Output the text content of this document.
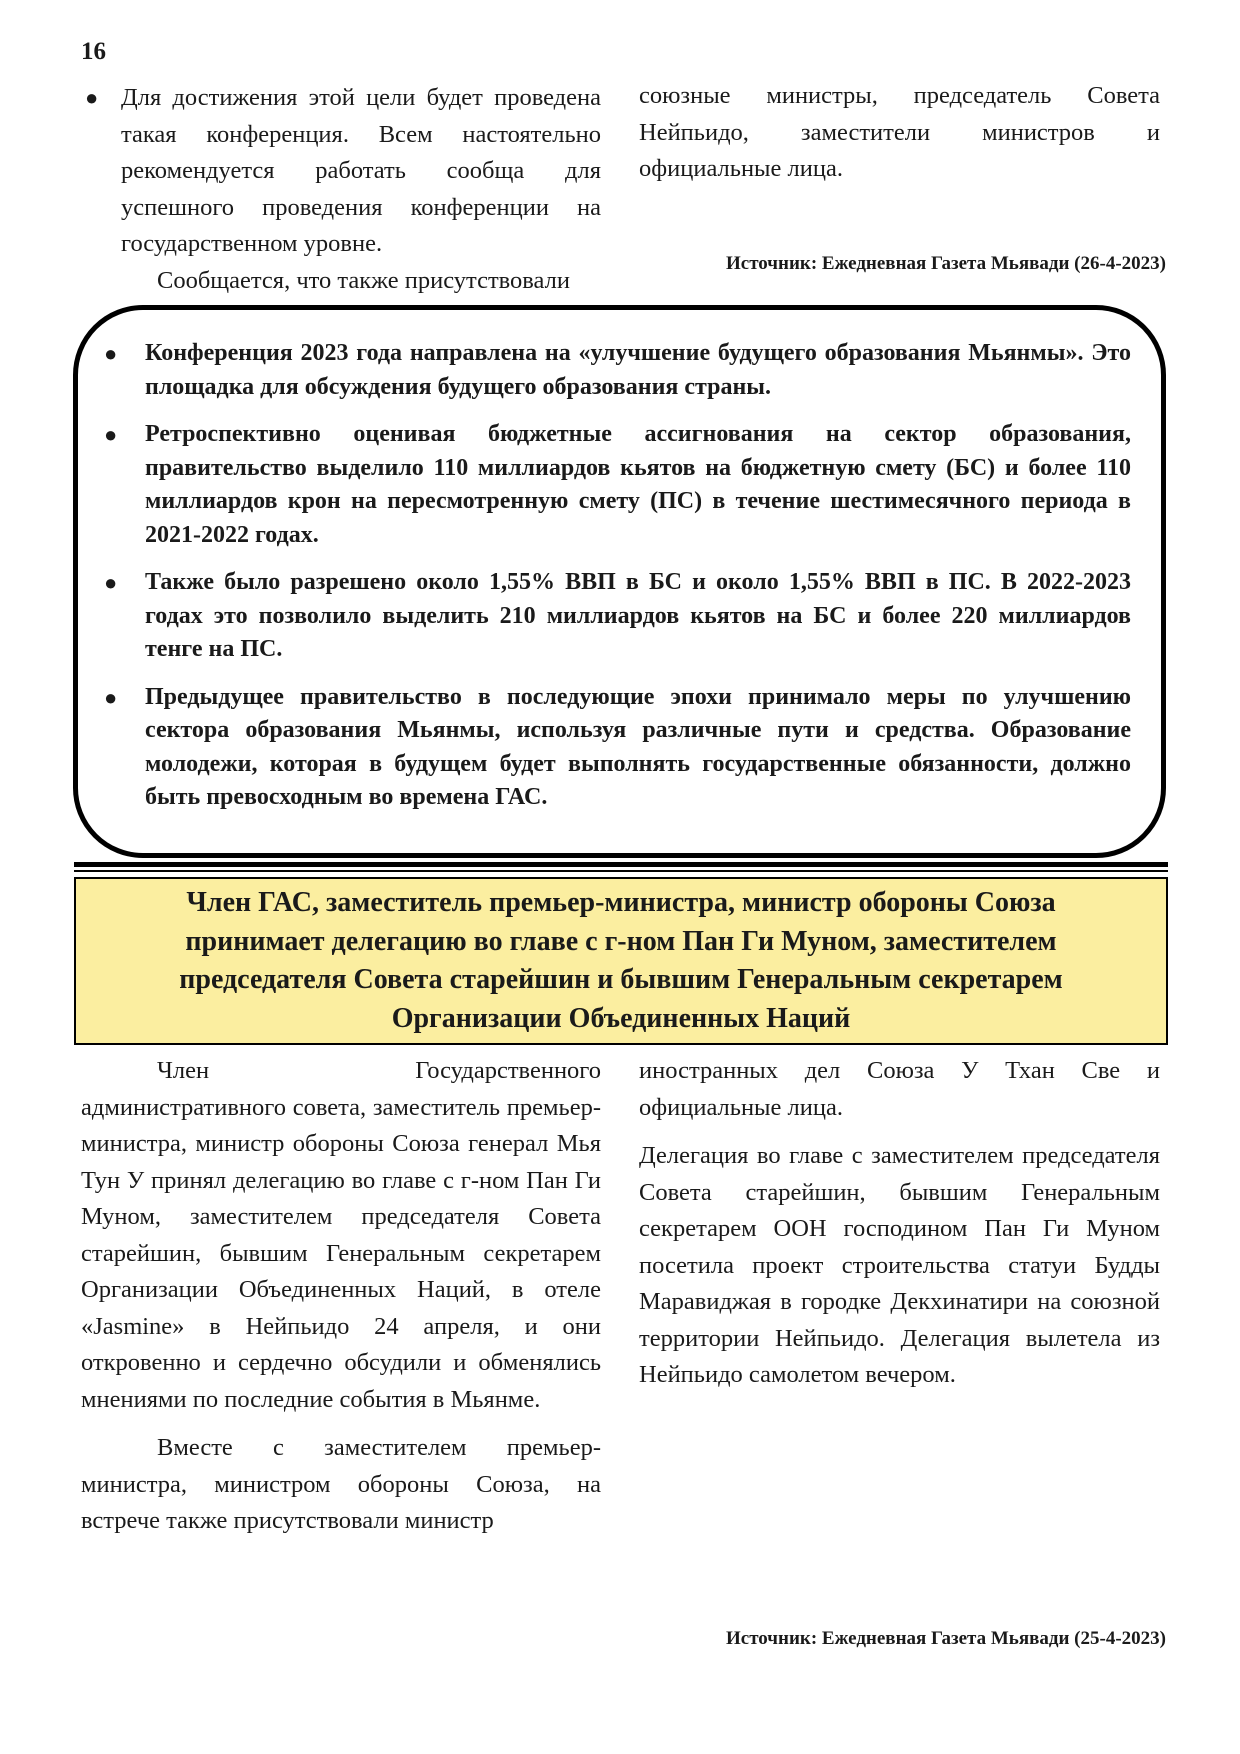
16
● Для достижения этой цели будет проведена такая конференция. Всем настоятельно рекомендуется работать сообща для успешного проведения конференции на государственном уровне.

Сообщается, что также присутствовали

союзные министры, председатель Совета Нейпьидо, заместители министров и официальные лица.

Источник: Ежедневная Газета Мьявади (26-4-2023)
● Конференция 2023 года направлена на «улучшение будущего образования Мьянмы». Это площадка для обсуждения будущего образования страны.
● Ретроспективно оценивая бюджетные ассигнования на сектор образования, правительство выделило 110 миллиардов кьятов на бюджетную смету (БС) и более 110 миллиардов крон на пересмотренную смету (ПС) в течение шестимесячного периода в 2021-2022 годах.
● Также было разрешено около 1,55% ВВП в БС и около 1,55% ВВП в ПС. В 2022-2023 годах это позволило выделить 210 миллиардов кьятов на БС и более 220 миллиардов тенге на ПС.
● Предыдущее правительство в последующие эпохи принимало меры по улучшению сектора образования Мьянмы, используя различные пути и средства. Образование молодежи, которая в будущем будет выполнять государственные обязанности, должно быть превосходным во времена ГАС.
Член ГАС, заместитель премьер-министра, министр обороны Союза принимает делегацию во главе с г-ном Пан Ги Муном, заместителем председателя Совета старейшин и бывшим Генеральным секретарем Организации Объединенных Наций

Член Государственного административного совета, заместитель премьер-министра, министр обороны Союза генерал Мья Тун У принял делегацию во главе с г-ном Пан Ги Муном, заместителем председателя Совета старейшин, бывшим Генеральным секретарем Организации Объединенных Наций, в отеле «Jasmine» в Нейпьидо 24 апреля, и они откровенно и сердечно обсудили и обменялись мнениями по последние события в Мьянме.

Вместе с заместителем премьер-министра, министром обороны Союза, на встрече также присутствовали министр

иностранных дел Союза У Тхан Све и официальные лица.

Делегация во главе с заместителем председателя Совета старейшин, бывшим Генеральным секретарем ООН господином Пан Ги Муном посетила проект строительства статуи Будды Маравиджая в городке Декхинатири на союзной территории Нейпьидо. Делегация вылетела из Нейпьидо самолетом вечером.

Источник: Ежедневная Газета Мьявади (25-4-2023)
